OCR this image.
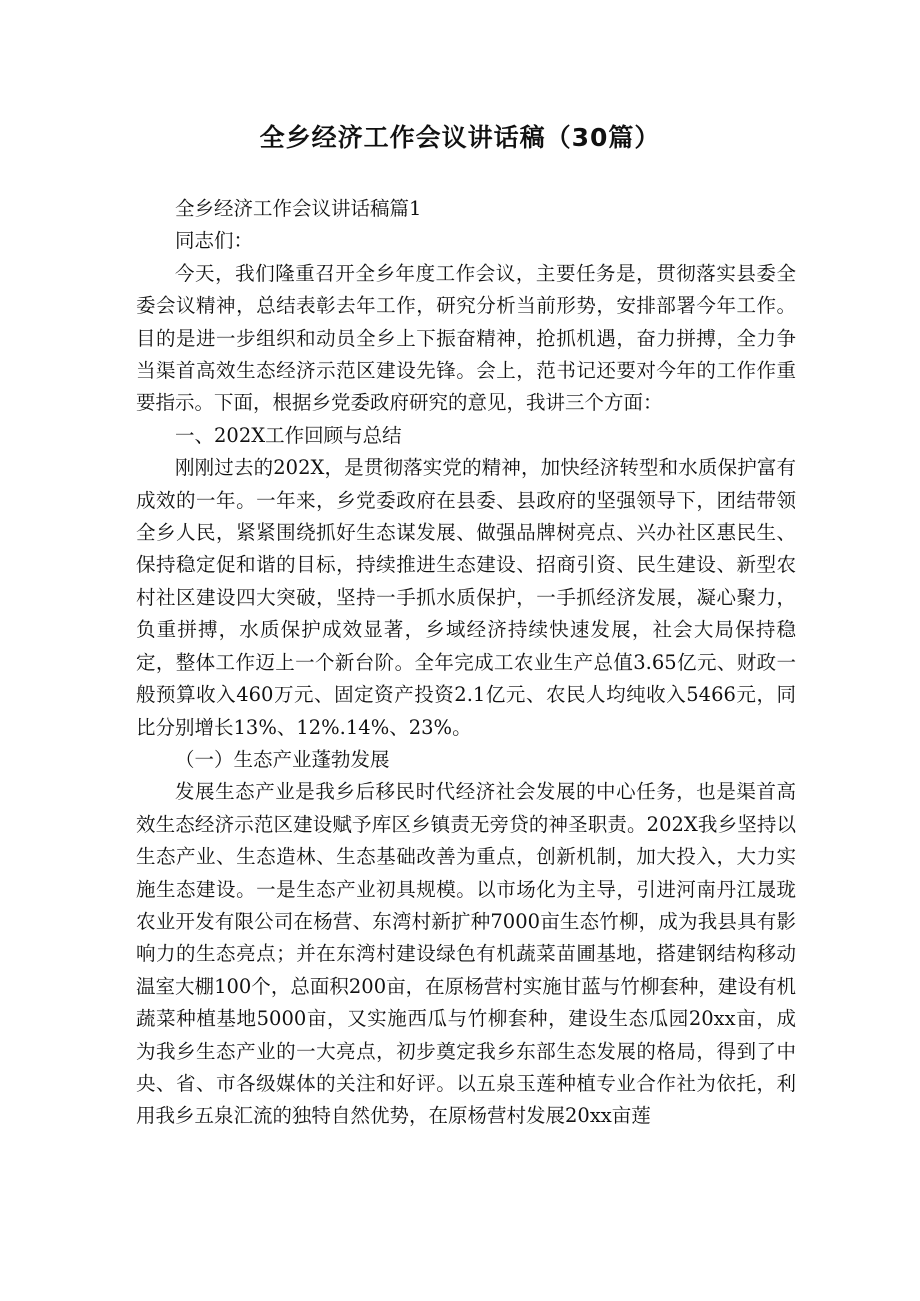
全乡经济工作会议讲话稿（30篇）

全乡经济工作会议讲话稿篇1

同志们：

今天，我们隆重召开全乡年度工作会议，主要任务是，贯彻落实县委全委会议精神，总结表彰去年工作，研究分析当前形势，安排部署今年工作。目的是进一步组织和动员全乡上下振奋精神，抢抓机遇，奋力拼搏，全力争当渠首高效生态经济示范区建设先锋。会上，范书记还要对今年的工作作重要指示。下面，根据乡党委政府研究的意见，我讲三个方面：

一、202X工作回顾与总结

刚刚过去的202X，是贯彻落实党的精神，加快经济转型和水质保护富有成效的一年。一年来，乡党委政府在县委、县政府的坚强领导下，团结带领全乡人民，紧紧围绕抓好生态谋发展、做强品牌树亮点、兴办社区惠民生、保持稳定促和谐的目标，持续推进生态建设、招商引资、民生建设、新型农村社区建设四大突破，坚持一手抓水质保护，一手抓经济发展，凝心聚力，负重拼搏，水质保护成效显著，乡域经济持续快速发展，社会大局保持稳定，整体工作迈上一个新台阶。全年完成工农业生产总值3.65亿元、财政一般预算收入460万元、固定资产投资2.1亿元、农民人均纯收入5466元，同比分别增长13%、12%.14%、23%。

（一）生态产业蓬勃发展

发展生态产业是我乡后移民时代经济社会发展的中心任务，也是渠首高效生态经济示范区建设赋予库区乡镇责无旁贷的神圣职责。202X我乡坚持以生态产业、生态造林、生态基础改善为重点，创新机制，加大投入，大力实施生态建设。一是生态产业初具规模。以市场化为主导，引进河南丹江晟珑农业开发有限公司在杨营、东湾村新扩种7000亩生态竹柳，成为我县具有影响力的生态亮点；并在东湾村建设绿色有机蔬菜苗圃基地，搭建钢结构移动温室大棚100个，总面积200亩，在原杨营村实施甘蓝与竹柳套种，建设有机蔬菜种植基地5000亩，又实施西瓜与竹柳套种，建设生态瓜园20xx亩，成为我乡生态产业的一大亮点，初步奠定我乡东部生态发展的格局，得到了中央、省、市各级媒体的关注和好评。以五泉玉莲种植专业合作社为依托，利用我乡五泉汇流的独特自然优势，在原杨营村发展20xx亩莲
